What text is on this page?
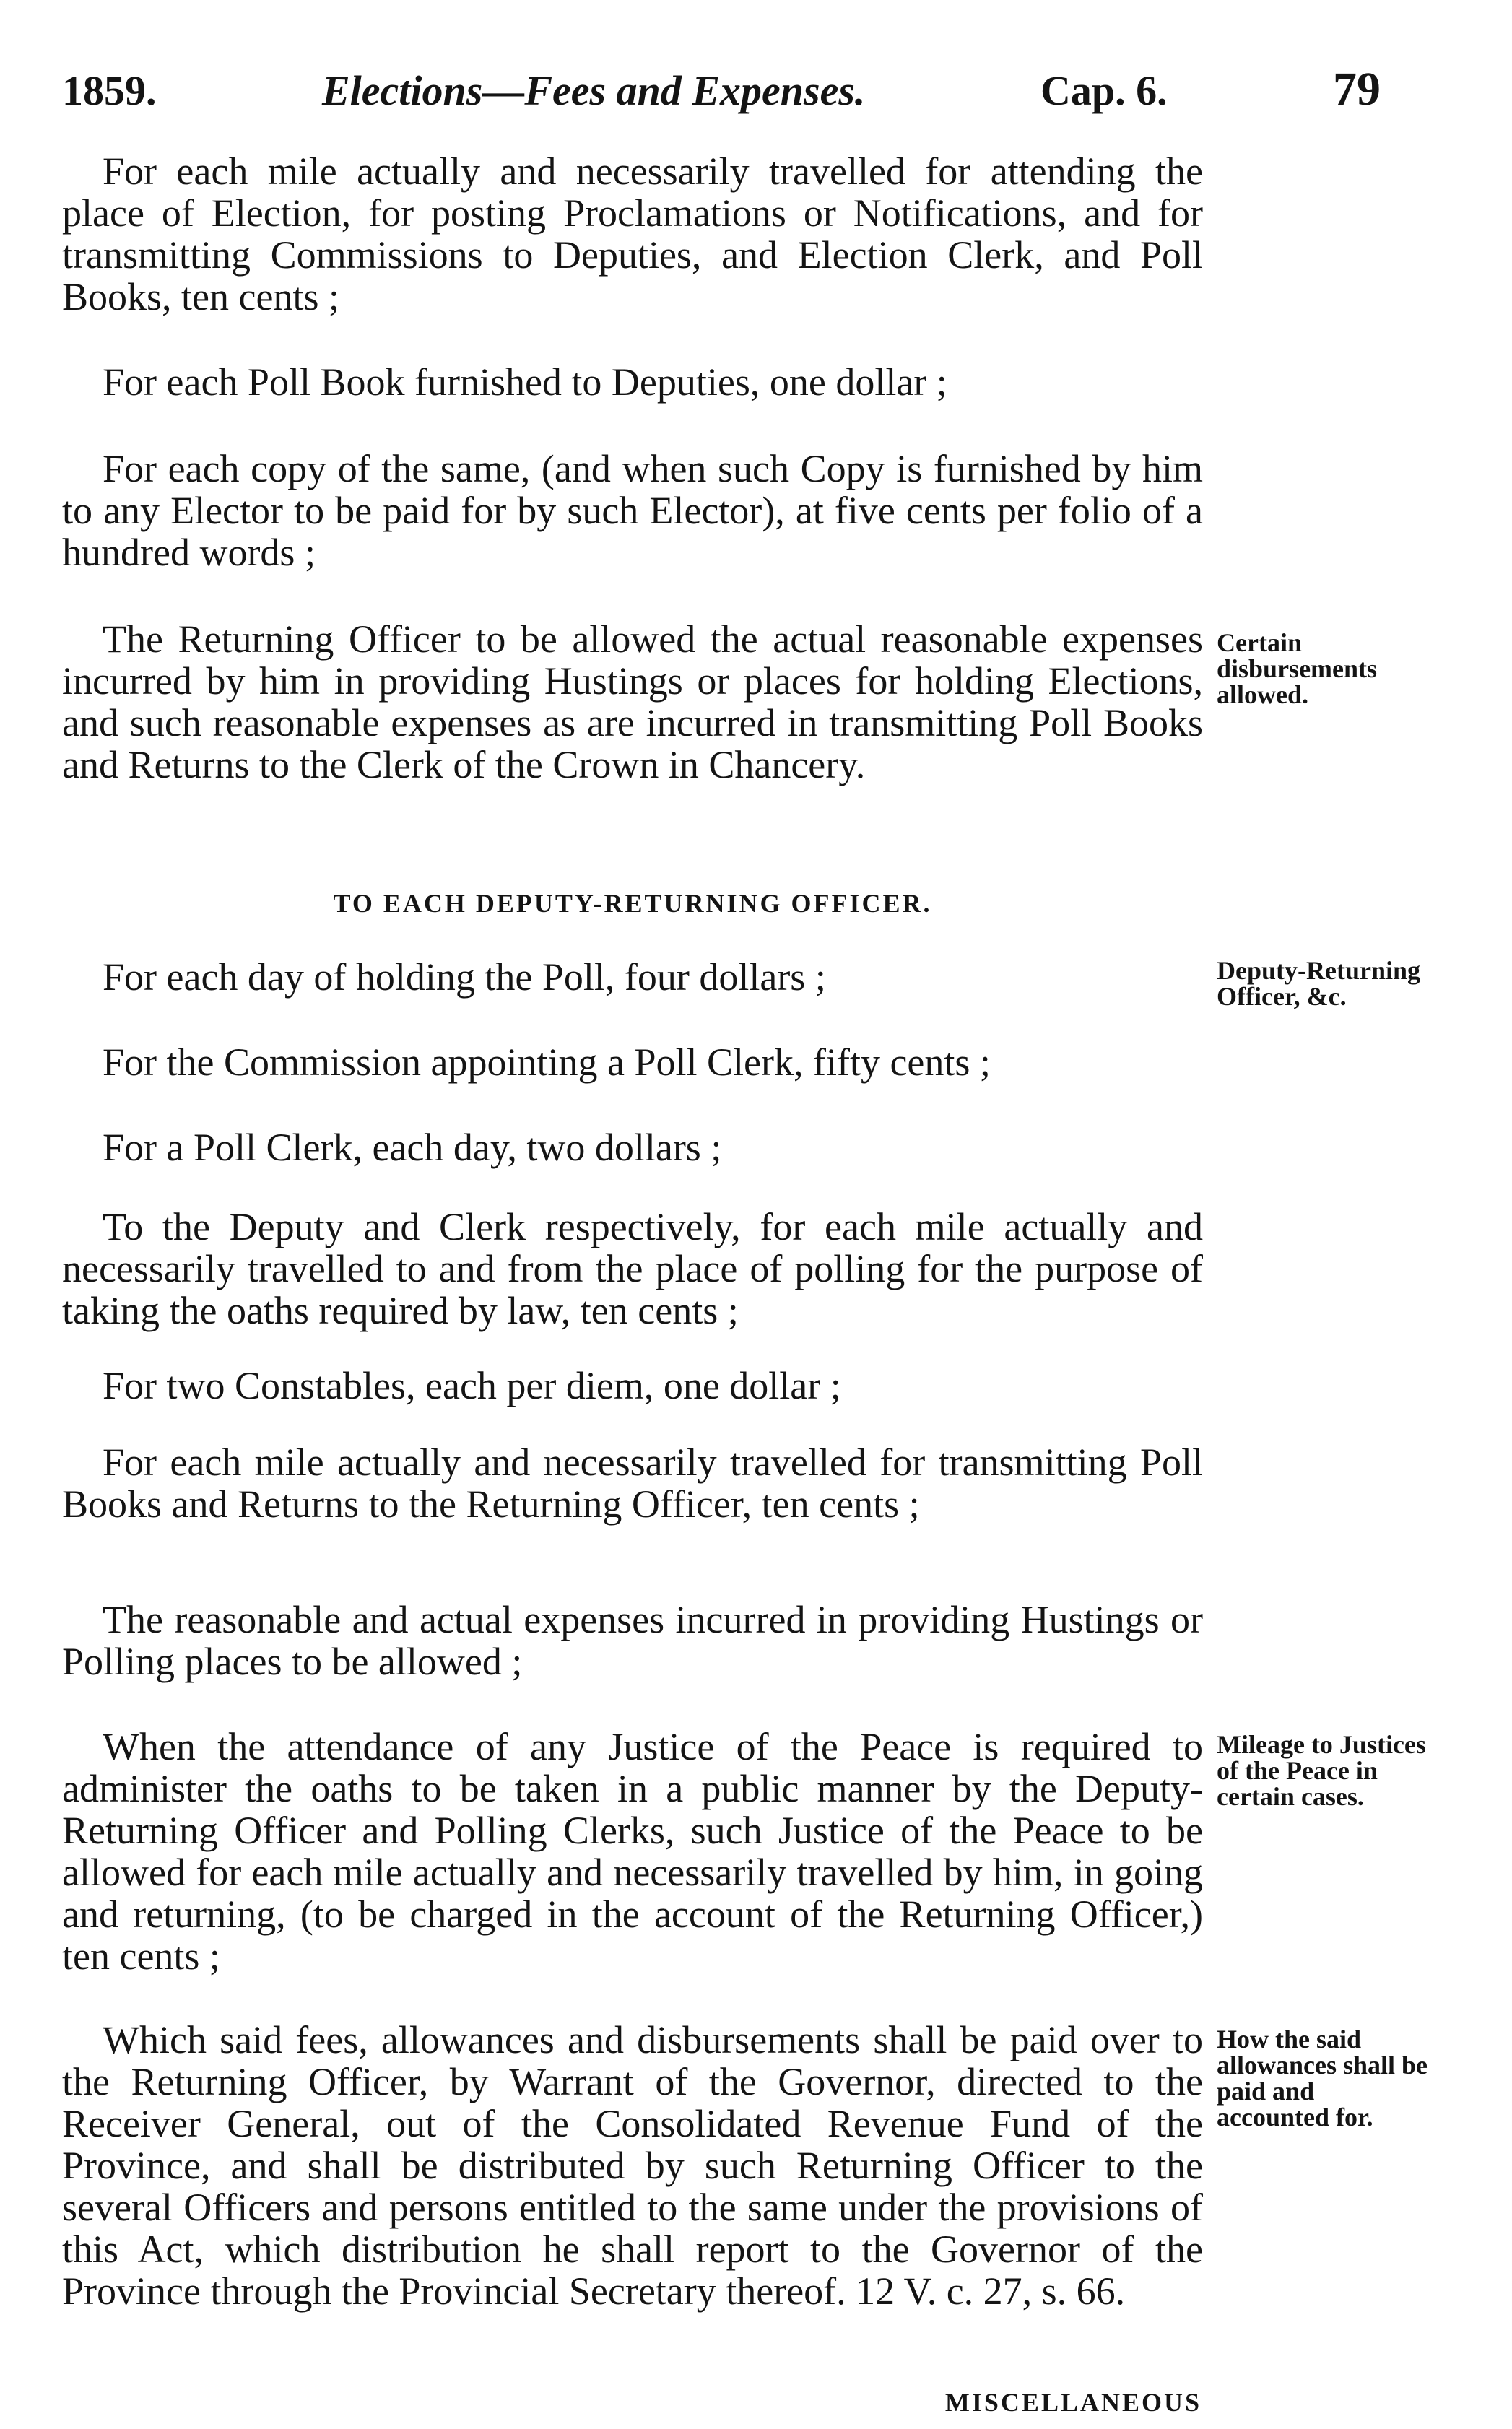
1859.	Elections—Fees and Expenses.	Cap. 6.	79

For each mile actually and necessarily travelled for attending the place of Election, for posting Proclamations or Notifications, and for transmitting Commissions to Deputies, and Election Clerk, and Poll Books, ten cents ;

For each Poll Book furnished to Deputies, one dollar ;

For each copy of the same, (and when such Copy is furnished by him to any Elector to be paid for by such Elector), at five cents per folio of a hundred words ;

The Returning Officer to be allowed the actual reasonable expenses incurred by him in providing Hustings or places for holding Elections, and such reasonable expenses as are incurred in transmitting Poll Books and Returns to the Clerk of the Crown in Chancery.

Certain disbursements allowed.
TO EACH DEPUTY-RETURNING OFFICER.

For each day of holding the Poll, four dollars ;	Deputy-Returning Officer, &c.

For the Commission appointing a Poll Clerk, fifty cents ;

For a Poll Clerk, each day, two dollars ;

To the Deputy and Clerk respectively, for each mile actually and necessarily travelled to and from the place of polling for the purpose of taking the oaths required by law, ten cents ;

For two Constables, each per diem, one dollar ;

For each mile actually and necessarily travelled for transmitting Poll Books and Returns to the Returning Officer, ten cents ;

The reasonable and actual expenses incurred in providing Hustings or Polling places to be allowed ;

When the attendance of any Justice of the Peace is required to administer the oaths to be taken in a public manner by the Deputy-Returning Officer and Polling Clerks, such Justice of the Peace to be allowed for each mile actually and necessarily travelled by him, in going and returning, (to be charged in the account of the Returning Officer,) ten cents ;

Mileage to Justices of the Peace in certain cases.

Which said fees, allowances and disbursements shall be paid over to the Returning Officer, by Warrant of the Governor, directed to the Receiver General, out of the Consolidated Revenue Fund of the Province, and shall be distributed by such Returning Officer to the several Officers and persons entitled to the same under the provisions of this Act, which distribution he shall report to the Governor of the Province through the Provincial Secretary thereof. 12 V. c. 27, s. 66.

How the said allowances shall be paid and accounted for.
MISCELLANEOUS
